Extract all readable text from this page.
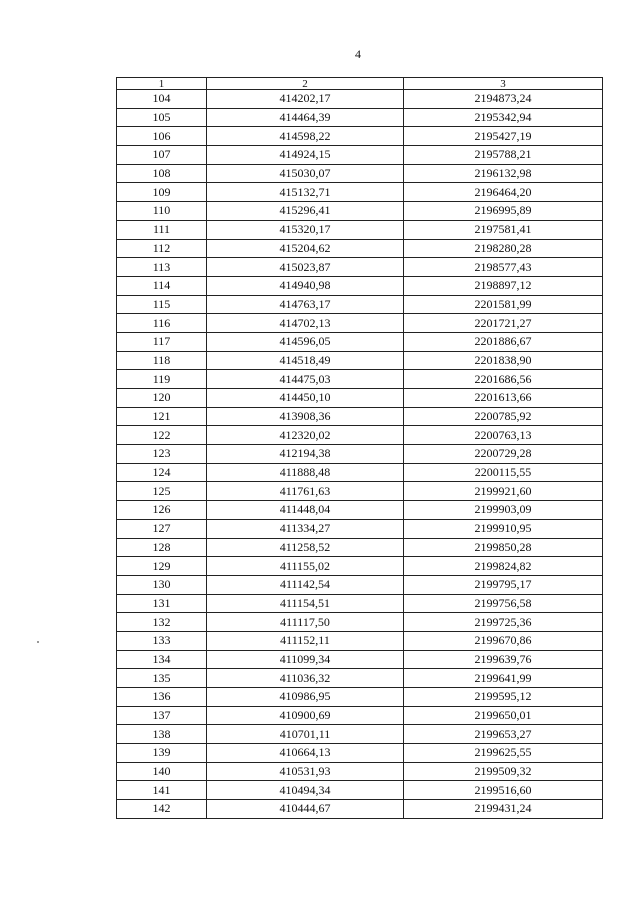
4
1	2	3
104	414202,17	2194873,24
105	414464,39	2195342,94
106	414598,22	2195427,19
107	414924,15	2195788,21
108	415030,07	2196132,98
109	415132,71	2196464,20
110	415296,41	2196995,89
111	415320,17	2197581,41
112	415204,62	2198280,28
113	415023,87	2198577,43
114	414940,98	2198897,12
115	414763,17	2201581,99
116	414702,13	2201721,27
117	414596,05	2201886,67
118	414518,49	2201838,90
119	414475,03	2201686,56
120	414450,10	2201613,66
121	413908,36	2200785,92
122	412320,02	2200763,13
123	412194,38	2200729,28
124	411888,48	2200115,55
125	411761,63	2199921,60
126	411448,04	2199903,09
127	411334,27	2199910,95
128	411258,52	2199850,28
129	411155,02	2199824,82
130	411142,54	2199795,17
131	411154,51	2199756,58
132	411117,50	2199725,36
133	411152,11	2199670,86
134	411099,34	2199639,76
135	411036,32	2199641,99
136	410986,95	2199595,12
137	410900,69	2199650,01
138	410701,11	2199653,27
139	410664,13	2199625,55
140	410531,93	2199509,32
141	410494,34	2199516,60
142	410444,67	2199431,24
